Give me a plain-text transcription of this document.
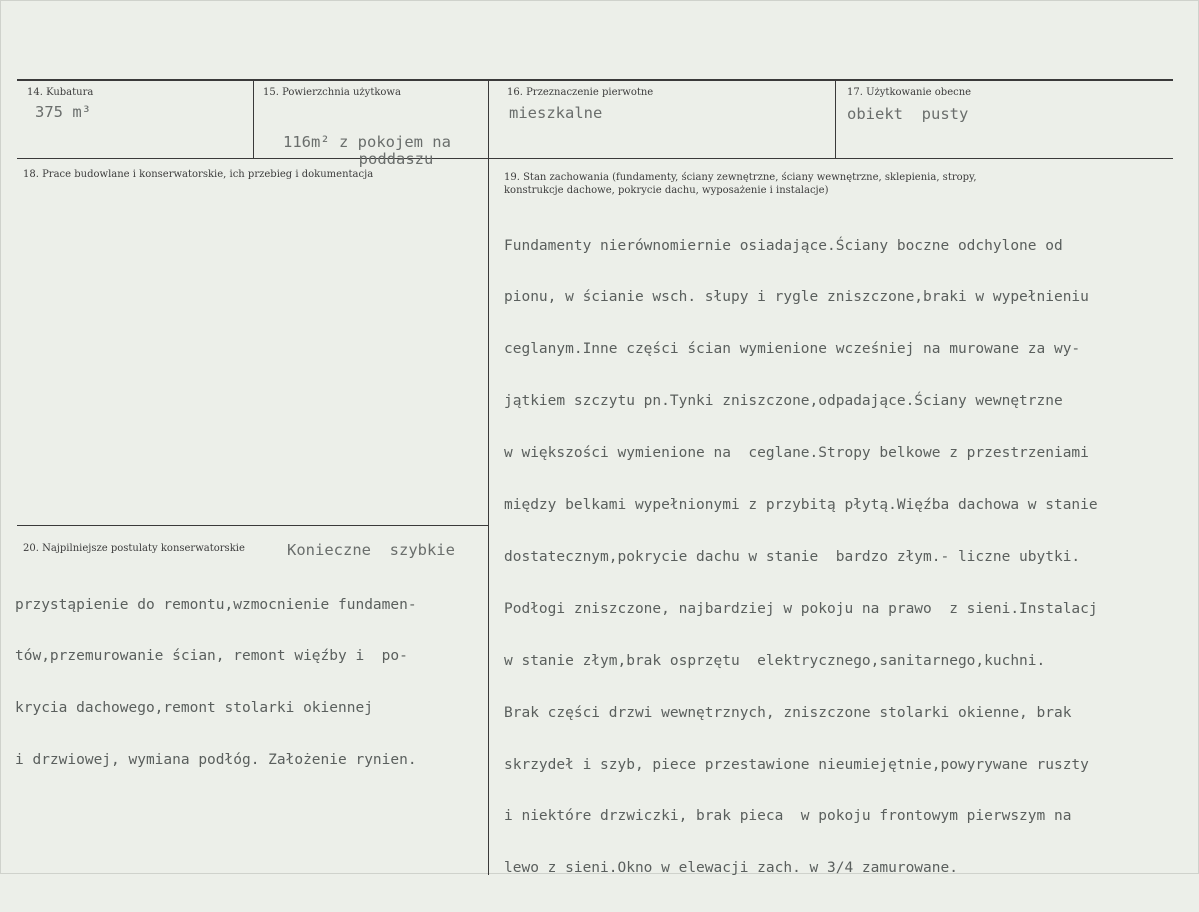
14. Kubatura
375 m³
15. Powierzchnia użytkowa

116m² z pokojem na
poddaszu

16. Przeznaczenie pierwotne
mieszkalne
17. Użytkowanie obecne
obiekt  pusty
18. Prace budowlane i konserwatorskie, ich przebieg i dokumentacja	19. Stan zachowania (fundamenty, ściany zewnętrzne, ściany wewnętrzne, sklepienia, stropy,
konstrukcje dachowe, pokrycie dachu, wyposażenie i instalacje)

Fundamenty nierównomiernie osiadające.Ściany boczne odchylone od

pionu, w ścianie wsch. słupy i rygle zniszczone,braki w wypełnieniu

ceglanym.Inne części ścian wymienione wcześniej na murowane za wy-

jątkiem szczytu pn.Tynki zniszczone,odpadające.Ściany wewnętrzne

w większości wymienione na  ceglane.Stropy belkowe z przestrzeniami

między belkami wypełnionymi z przybitą płytą.Więźba dachowa w stanie

dostatecznym,pokrycie dachu w stanie  bardzo złym.- liczne ubytki.

Podłogi zniszczone, najbardziej w pokoju na prawo  z sieni.Instalacj

w stanie złym,brak osprzętu  elektrycznego,sanitarnego,kuchni.

Brak części drzwi wewnętrznych, zniszczone stolarki okienne, brak

skrzydeł i szyb, piece przestawione nieumiejętnie,powyrywane ruszty

i niektóre drzwiczki, brak pieca  w pokoju frontowym pierwszym na

lewo z sieni.Okno w elewacji zach. w 3/4 zamurowane.

20. Najpilniejsze postulaty konserwatorskie	Konieczne  szybkie

przystąpienie do remontu,wzmocnienie fundamen-

tów,przemurowanie ścian, remont więźby i  po-

krycia dachowego,remont stolarki okiennej

i drzwiowej, wymiana podłóg. Założenie rynien.
